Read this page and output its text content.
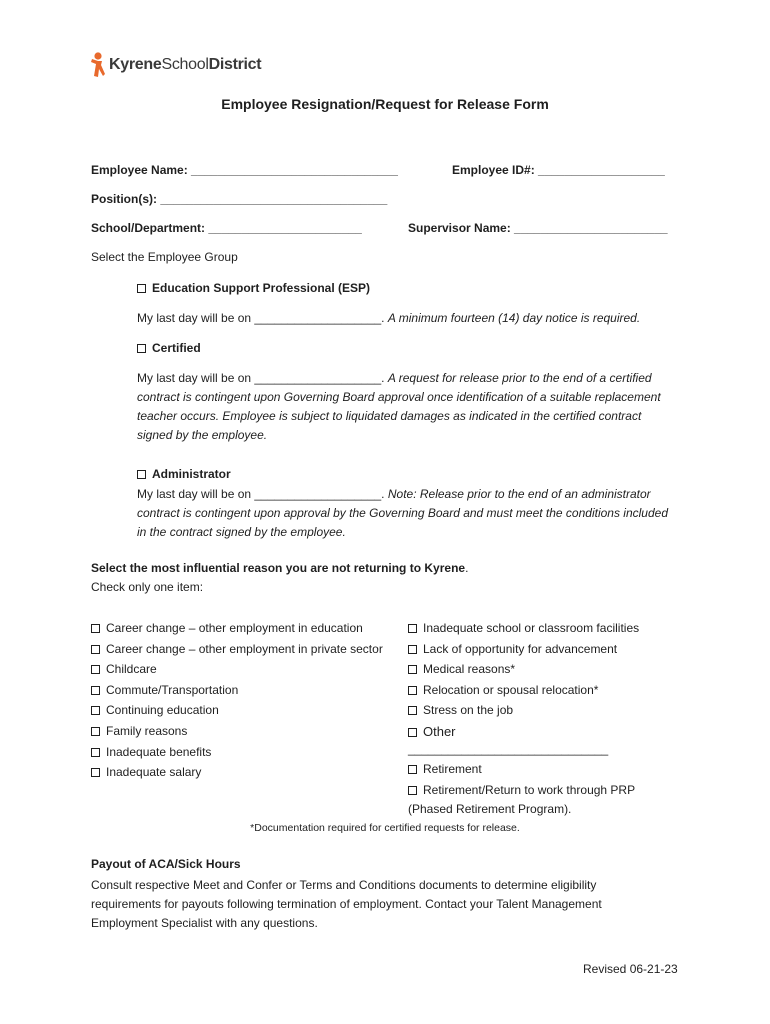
KyreneSchoolDistrict
Employee Resignation/Request for Release Form
Employee Name: _______________________________	Employee ID#: ___________________
Position(s): __________________________________
School/Department: _______________________	Supervisor Name: _______________________
Select the Employee Group
Education Support Professional (ESP)
My last day will be on ___________________. A minimum fourteen (14) day notice is required.
Certified
My last day will be on ___________________. A request for release prior to the end of a certified contract is contingent upon Governing Board approval once identification of a suitable replacement teacher occurs. Employee is subject to liquidated damages as indicated in the certified contract signed by the employee.
Administrator
My last day will be on ___________________. Note: Release prior to the end of an administrator contract is contingent upon approval by the Governing Board and must meet the conditions included in the contract signed by the employee.
Select the most influential reason you are not returning to Kyrene.
Check only one item:
Career change – other employment in education
Career change – other employment in private sector
Childcare
Commute/Transportation
Continuing education
Family reasons
Inadequate benefits
Inadequate salary
Inadequate school or classroom facilities
Lack of opportunity for advancement
Medical reasons*
Relocation or spousal relocation*
Stress on the job
Other
______________________________
Retirement
Retirement/Return to work through PRP
(Phased Retirement Program).
*Documentation required for certified requests for release.
Payout of ACA/Sick Hours
Consult respective Meet and Confer or Terms and Conditions documents to determine eligibility requirements for payouts following termination of employment. Contact your Talent Management Employment Specialist with any questions.
Revised 06-21-23
